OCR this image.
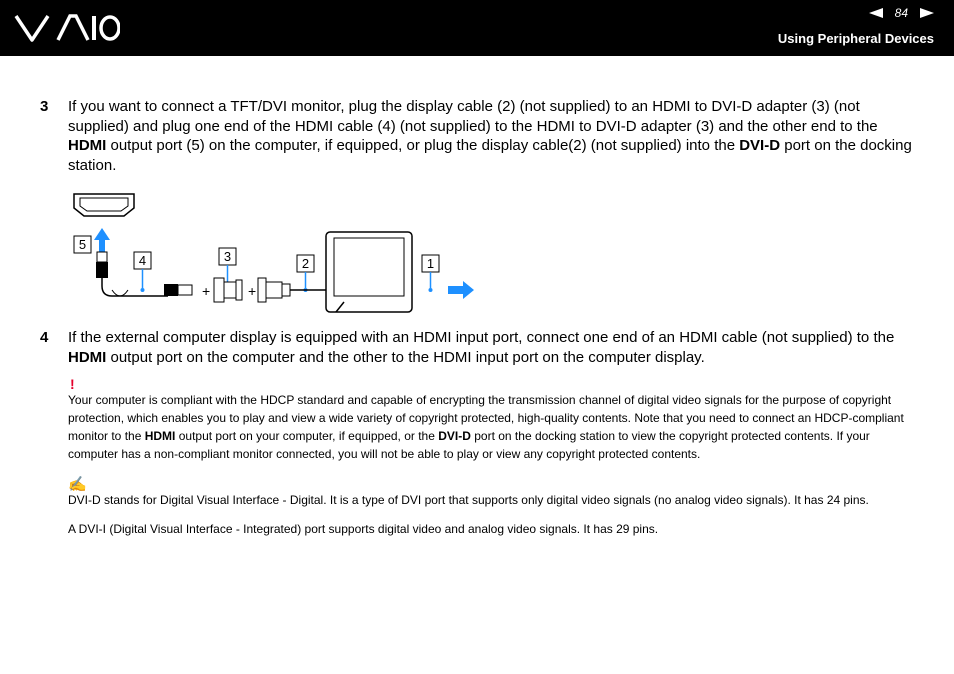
84
Using Peripheral Devices
3 If you want to connect a TFT/DVI monitor, plug the display cable (2) (not supplied) to an HDMI to DVI-D adapter (3) (not supplied) and plug one end of the HDMI cable (4) (not supplied) to the HDMI to DVI-D adapter (3) and the other end to the HDMI output port (5) on the computer, if equipped, or plug the display cable(2) (not supplied) into the DVI-D port on the docking station.
5
4
+
3
+
2	1
4 If the external computer display is equipped with an HDMI input port, connect one end of an HDMI cable (not supplied) to the HDMI output port on the computer and the other to the HDMI input port on the computer display.
!
Your computer is compliant with the HDCP standard and capable of encrypting the transmission channel of digital video signals for the purpose of copyright protection, which enables you to play and view a wide variety of copyright protected, high-quality contents. Note that you need to connect an HDCP-compliant monitor to the HDMI output port on your computer, if equipped, or the DVI-D port on the docking station to view the copyright protected contents. If your computer has a non-compliant monitor connected, you will not be able to play or view any copyright protected contents.
✍
DVI-D stands for Digital Visual Interface - Digital. It is a type of DVI port that supports only digital video signals (no analog video signals). It has 24 pins.
A DVI-I (Digital Visual Interface - Integrated) port supports digital video and analog video signals. It has 29 pins.
